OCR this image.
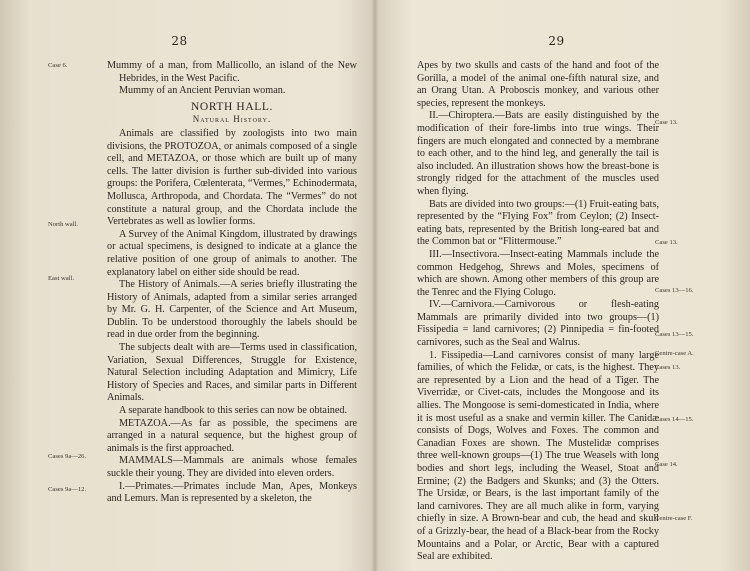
28
Case 6.
North wall.
East wall.
Cases 9a—26.
Cases 9a—12.

Mummy of a man, from Mallicollo, an island of the New Hebrides, in the West Pacific.

Mummy of an Ancient Peruvian woman.

NORTH HALL.

Natural History.

Animals are classified by zoologists into two main divisions, the PROTOZOA, or animals composed of a single cell, and METAZOA, or those which are built up of many cells. The latter division is further sub-divided into various groups: the Porifera, Cœlenterata, “Vermes,” Echinodermata, Mollusca, Arthropoda, and Chordata. The “Vermes” do not constitute a natural group, and the Chordata include the Vertebrates as well as lowlier forms.

A Survey of the Animal Kingdom, illustrated by drawings or actual specimens, is designed to indicate at a glance the relative position of one group of animals to another. The explanatory label on either side should be read.

The History of Animals.—A series briefly illustrating the History of Animals, adapted from a similar series arranged by Mr. G. H. Carpenter, of the Science and Art Museum, Dublin. To be understood thoroughly the labels should be read in due order from the beginning.

The subjects dealt with are—Terms used in classification, Variation, Sexual Differences, Struggle for Existence, Natural Selection including Adaptation and Mimicry, Life History of Species and Races, and similar parts in Different Animals.

A separate handbook to this series can now be obtained.

METAZOA.—As far as possible, the specimens are arranged in a natural sequence, but the highest group of animals is the first approached.

MAMMALS—Mammals are animals whose females suckle their young. They are divided into eleven orders.

I.—Primates.—Primates include Man, Apes, Monkeys and Lemurs. Man is represented by a skeleton, the

29
Case 13.
Case 13.
Cases 13—16.
Cases 13—15.
Centre-case A.
Cases 13.
Cases 14—15.
Case 14.
Centre-case F.

Apes by two skulls and casts of the hand and foot of the Gorilla, a model of the animal one-fifth natural size, and an Orang Utan. A Proboscis monkey, and various other species, represent the monkeys.

II.—Chiroptera.—Bats are easily distinguished by the modification of their fore-limbs into true wings. Their fingers are much elongated and connected by a membrane to each other, and to the hind leg, and generally the tail is also included. An illustration shows how the breast-bone is strongly ridged for the attachment of the muscles used when flying.

Bats are divided into two groups:—(1) Fruit-eating bats, represented by the “Flying Fox” from Ceylon; (2) Insect-eating bats, represented by the British long-eared bat and the Common bat or “Flittermouse.”

III.—Insectivora.—Insect-eating Mammals include the common Hedgehog, Shrews and Moles, specimens of which are shown. Among other members of this group are the Tenrec and the Flying Colugo.

IV.—Carnivora.—Carnivorous or flesh-eating Mammals are primarily divided into two groups—(1) Fissipedia = land carnivores; (2) Pinnipedia = fin-footed carnivores, such as the Seal and Walrus.

1. Fissipedia—Land carnivores consist of many large families, of which the Felidæ, or cats, is the highest. They are represented by a Lion and the head of a Tiger. The Viverridæ, or Civet-cats, includes the Mongoose and its allies. The Mongoose is semi-domesticated in India, where it is most useful as a snake and vermin killer. The Canidæ consists of Dogs, Wolves and Foxes. The common and Canadian Foxes are shown. The Mustelidæ comprises three well-known groups—(1) The true Weasels with long bodies and short legs, including the Weasel, Stoat and Ermine; (2) the Badgers and Skunks; and (3) the Otters. The Ursidæ, or Bears, is the last important family of the land carnivores. They are all much alike in form, varying chiefly in size. A Brown-bear and cub, the head and skull of a Grizzly-bear, the head of a Black-bear from the Rocky Mountains and a Polar, or Arctic, Bear with a captured Seal are exhibited.
